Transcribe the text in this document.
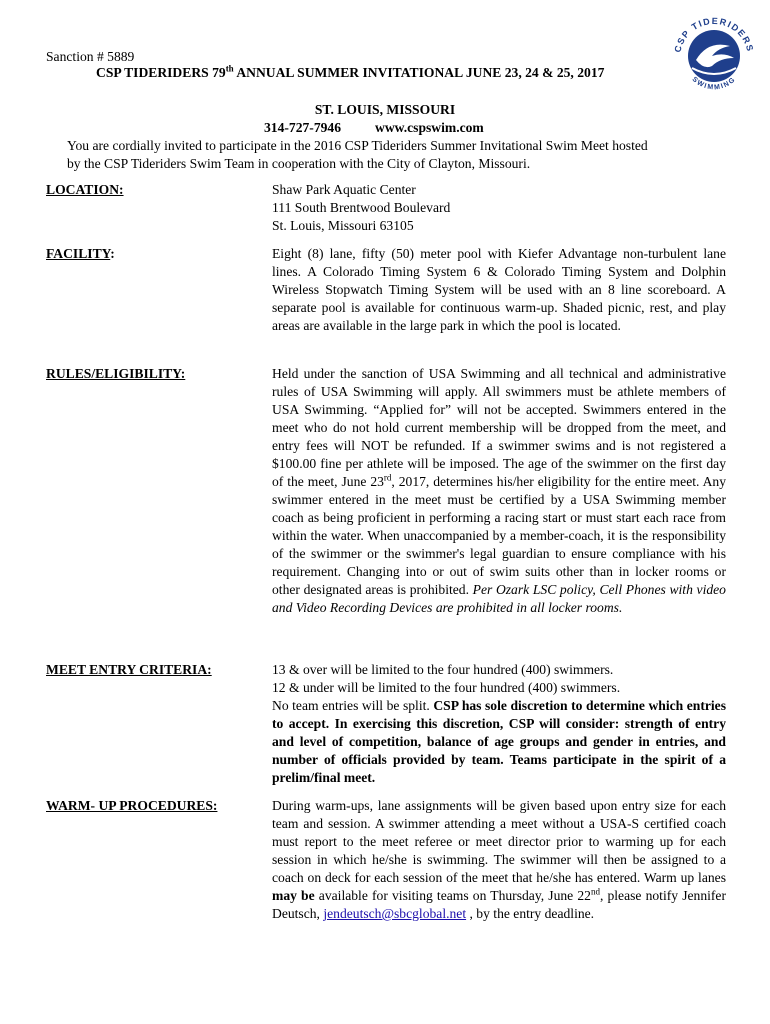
CSP TIDERIDERS
SWIMMING
Sanction # 5889
CSP TIDERIDERS 79th ANNUAL SUMMER INVITATIONAL JUNE 23, 24 & 25, 2017
ST. LOUIS, MISSOURI
314-727-7946 www.cspswim.com
You are cordially invited to participate in the 2016 CSP Tideriders Summer Invitational Swim Meet hosted
by the CSP Tideriders Swim Team in cooperation with the City of Clayton, Missouri.
LOCATION:	Shaw Park Aquatic Center
111 South Brentwood Boulevard
St. Louis, Missouri 63105
FACILITY:	Eight (8) lane, fifty (50) meter pool with Kiefer Advantage non-turbulent lane lines. A Colorado Timing System 6 & Colorado Timing System and Dolphin Wireless Stopwatch Timing System will be used with an 8 line scoreboard. A separate pool is available for continuous warm-up. Shaded picnic, rest, and play areas are available in the large park in which the pool is located.
RULES/ELIGIBILITY:	Held under the sanction of USA Swimming and all technical and administrative rules of USA Swimming will apply. All swimmers must be athlete members of USA Swimming. “Applied for” will not be accepted. Swimmers entered in the meet who do not hold current membership will be dropped from the meet, and entry fees will NOT be refunded. If a swimmer swims and is not registered a $100.00 fine per athlete will be imposed. The age of the swimmer on the first day of the meet, June 23rd, 2017, determines his/her eligibility for the entire meet. Any swimmer entered in the meet must be certified by a USA Swimming member coach as being proficient in performing a racing start or must start each race from within the water. When unaccompanied by a member-coach, it is the responsibility of the swimmer or the swimmer's legal guardian to ensure compliance with his requirement. Changing into or out of swim suits other than in locker rooms or other designated areas is prohibited. Per Ozark LSC policy, Cell Phones with video and Video Recording Devices are prohibited in all locker rooms.
MEET ENTRY CRITERIA:	13 & over will be limited to the four hundred (400) swimmers.
12 & under will be limited to the four hundred (400) swimmers.
No team entries will be split. CSP has sole discretion to determine which entries to accept. In exercising this discretion, CSP will consider: strength of entry and level of competition, balance of age groups and gender in entries, and number of officials provided by team. Teams participate in the spirit of a prelim/final meet.
WARM- UP PROCEDURES:	During warm-ups, lane assignments will be given based upon entry size for each team and session. A swimmer attending a meet without a USA-S certified coach must report to the meet referee or meet director prior to warming up for each session in which he/she is swimming. The swimmer will then be assigned to a coach on deck for each session of the meet that he/she has entered. Warm up lanes may be available for visiting teams on Thursday, June 22nd, please notify Jennifer Deutsch, jendeutsch@sbcglobal.net , by the entry deadline.
